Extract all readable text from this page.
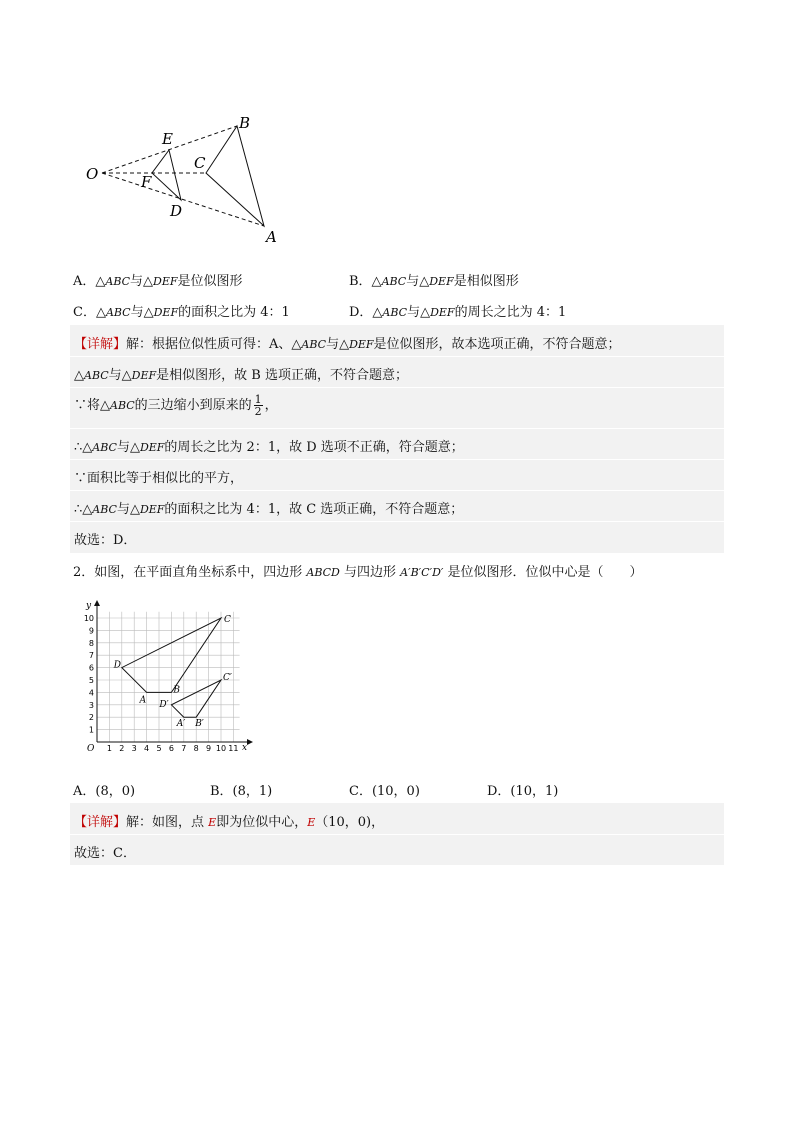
O
E
F
D
C
B
A
A．△ABC与△DEF是位似图形	B．△ABC与△DEF是相似图形
C．△ABC与△DEF的面积之比为 4：1	D．△ABC与△DEF的周长之比为 4：1
【详解】解：根据位似性质可得：A、△ABC与△DEF是位似图形，故本选项正确，不符合题意；
△ABC与△DEF是相似图形，故 B 选项正确，不符合题意；
∵将△ABC的三边缩小到原来的 $\frac{1}{2}$ ，
∴△ABC与△DEF的周长之比为 2：1，故 D 选项不正确，符合题意；
∵面积比等于相似比的平方，
∴△ABC与△DEF的面积之比为 4：1，故 C 选项正确，不符合题意；
故选：D．
2．如图，在平面直角坐标系中，四边形 ABCD 与四边形 A′B′C′D′ 是位似图形．位似中心是（　　）
y
x
O
1
2
3
4
5
6
7
8
9
10
1 2 3 4 5 6 7 8 9 10 11
A
B
C
D
A′ B′
C′
D′
A．(8，0)	B．(8，1)	C．(10，0)	D．(10，1)
【详解】解：如图，点 E即为位似中心，E（10，0)，
故选：C．
